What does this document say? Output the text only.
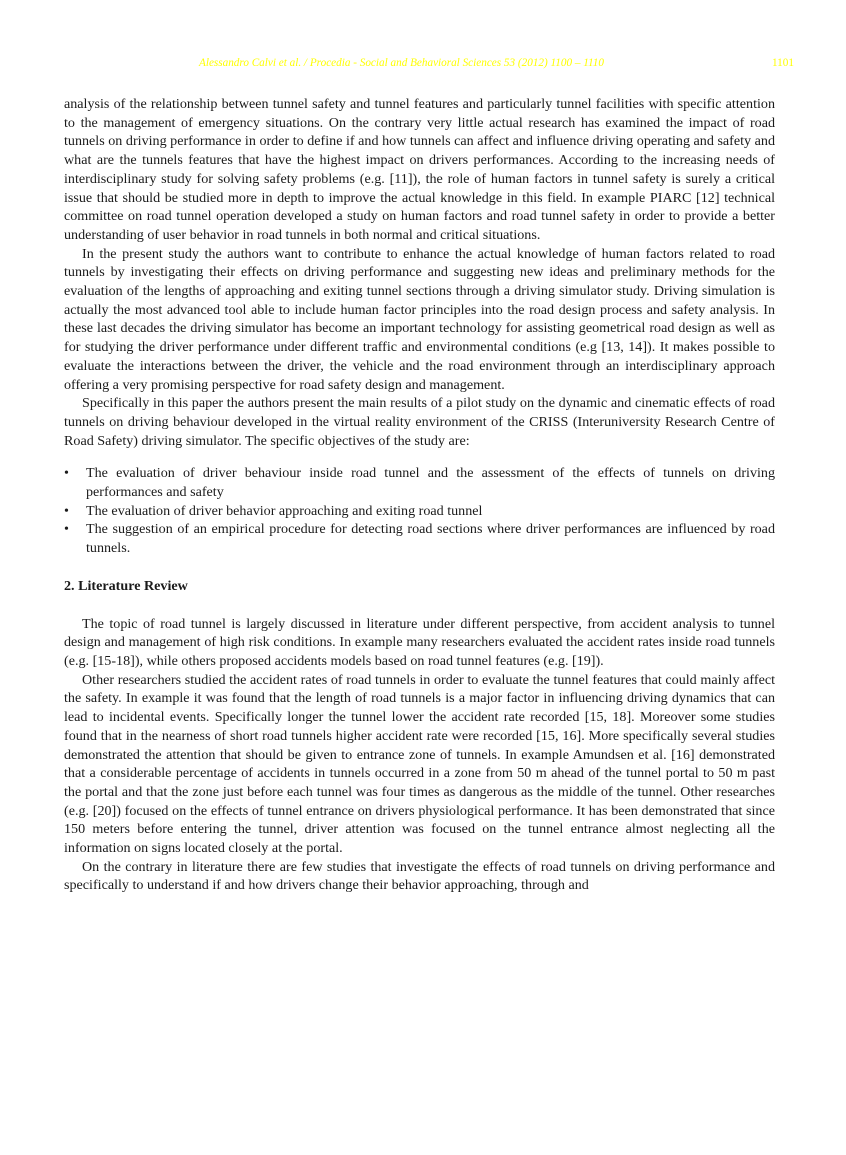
Alessandro Calvi et al. / Procedia - Social and Behavioral Sciences 53 (2012) 1100 – 1110	1101

analysis of the relationship between tunnel safety and tunnel features and particularly tunnel facilities with specific attention to the management of emergency situations. On the contrary very little actual research has examined the impact of road tunnels on driving performance in order to define if and how tunnels can affect and influence driving operating and safety and what are the tunnels features that have the highest impact on drivers performances. According to the increasing needs of interdisciplinary study for solving safety problems (e.g. [11]), the role of human factors in tunnel safety is surely a critical issue that should be studied more in depth to improve the actual knowledge in this field. In example PIARC [12] technical committee on road tunnel operation developed a study on human factors and road tunnel safety in order to provide a better understanding of user behavior in road tunnels in both normal and critical situations.

In the present study the authors want to contribute to enhance the actual knowledge of human factors related to road tunnels by investigating their effects on driving performance and suggesting new ideas and preliminary methods for the evaluation of the lengths of approaching and exiting tunnel sections through a driving simulator study. Driving simulation is actually the most advanced tool able to include human factor principles into the road design process and safety analysis. In these last decades the driving simulator has become an important technology for assisting geometrical road design as well as for studying the driver performance under different traffic and environmental conditions (e.g [13, 14]). It makes possible to evaluate the interactions between the driver, the vehicle and the road environment through an interdisciplinary approach offering a very promising perspective for road safety design and management.

Specifically in this paper the authors present the main results of a pilot study on the dynamic and cinematic effects of road tunnels on driving behaviour developed in the virtual reality environment of the CRISS (Interuniversity Research Centre of Road Safety) driving simulator. The specific objectives of the study are:

• The evaluation of driver behaviour inside road tunnel and the assessment of the effects of tunnels on driving performances and safety
• The evaluation of driver behavior approaching and exiting road tunnel
• The suggestion of an empirical procedure for detecting road sections where driver performances are influenced by road tunnels.
2. Literature Review

The topic of road tunnel is largely discussed in literature under different perspective, from accident analysis to tunnel design and management of high risk conditions. In example many researchers evaluated the accident rates inside road tunnels (e.g. [15-18]), while others proposed accidents models based on road tunnel features (e.g. [19]).

Other researchers studied the accident rates of road tunnels in order to evaluate the tunnel features that could mainly affect the safety. In example it was found that the length of road tunnels is a major factor in influencing driving dynamics that can lead to incidental events. Specifically longer the tunnel lower the accident rate recorded [15, 18]. Moreover some studies found that in the nearness of short road tunnels higher accident rate were recorded [15, 16]. More specifically several studies demonstrated the attention that should be given to entrance zone of tunnels. In example Amundsen et al. [16] demonstrated that a considerable percentage of accidents in tunnels occurred in a zone from 50 m ahead of the tunnel portal to 50 m past the portal and that the zone just before each tunnel was four times as dangerous as the middle of the tunnel. Other researches (e.g. [20]) focused on the effects of tunnel entrance on drivers physiological performance. It has been demonstrated that since 150 meters before entering the tunnel, driver attention was focused on the tunnel entrance almost neglecting all the information on signs located closely at the portal.

On the contrary in literature there are few studies that investigate the effects of road tunnels on driving performance and specifically to understand if and how drivers change their behavior approaching, through and
